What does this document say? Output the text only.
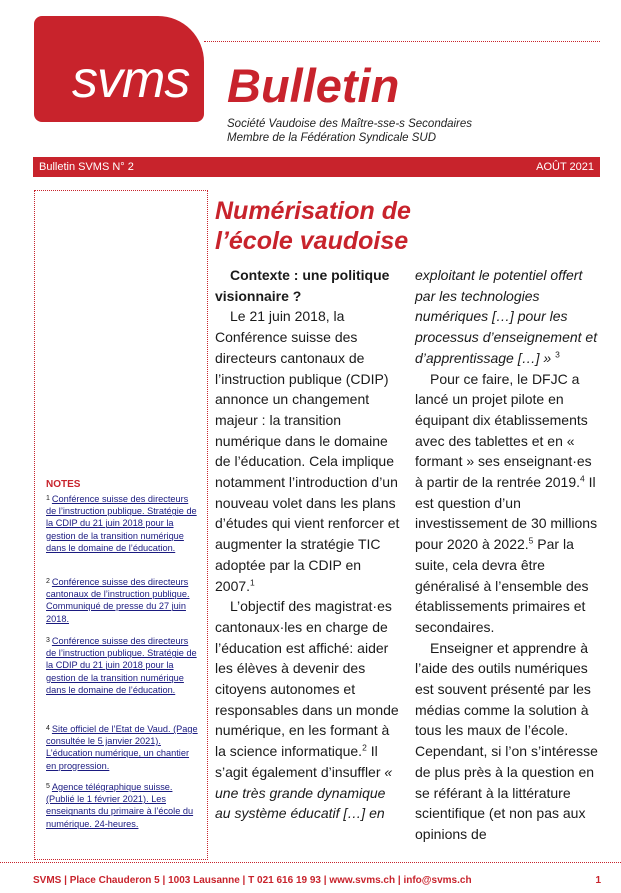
svms Bulletin
Société Vaudoise des Maître-sse-s Secondaires
Membre de la Fédération Syndicale SUD
Bulletin SVMS N° 2	AOÛT 2021
NOTES
$^1$ Conférence suisse des directeurs de l’instruction publique. Stratégie de la CDIP du 21 juin 2018 pour la gestion de la transition numérique dans le domaine de l’éducation.
$^2$ Conférence suisse des directeurs cantonaux de l’instruction publique. Communiqué de presse du 27 juin 2018.
$^3$ Conférence suisse des directeurs de l’instruction publique. Stratégie de la CDIP du 21 juin 2018 pour la gestion de la transition numérique dans le domaine de l’éducation.
$^4$ Site officiel de l’Etat de Vaud. (Page consultée le 5 janvier 2021). L’éducation numérique, un chantier en progression.
$^5$ Agence télégraphique suisse. (Publié le 1 février 2021). Les enseignants du primaire à l’école du numérique. 24-heures.
Numérisation de
l’école vaudoise

Contexte : une politique visionnaire ?

Le 21 juin 2018, la Conférence suisse des directeurs cantonaux de l’instruction publique (CDIP) annonce un changement majeur : la transition numérique dans le domaine de l’éducation. Cela implique notamment l’introduction d’un nouveau volet dans les plans d’études qui vient renforcer et augmenter la stratégie TIC adoptée par la CDIP en 2007.$^1$

L’objectif des magistrat·es cantonaux·les en charge de l’éducation est affiché: aider les élèves à devenir des citoyens autonomes et responsables dans un monde numérique, en les formant à la science informatique.$^2$ Il s’agit également d’insuffler « une très grande dynamique au système éducatif […] en

exploitant le potentiel offert par les technologies numériques […] pour les processus d’enseignement et d’apprentissage […] » $^3$

Pour ce faire, le DFJC a lancé un projet pilote en équipant dix établissements avec des tablettes et en « formant » ses enseignant·es à partir de la rentrée 2019.$^4$ Il est question d’un investissement de 30 millions pour 2020 à 2022.$^5$ Par la suite, cela devra être généralisé à l’ensemble des établissements primaires et secondaires.

Enseigner et apprendre à l’aide des outils numériques est souvent présenté par les médias comme la solution à tous les maux de l’école. Cependant, si l’on s’intéresse de plus près à la question en se référant à la littérature scientifique (et non pas aux opinions de

SVMS | Place Chauderon 5 | 1003 Lausanne | T 021 616 19 93 | www.svms.ch | info@svms.ch	1
